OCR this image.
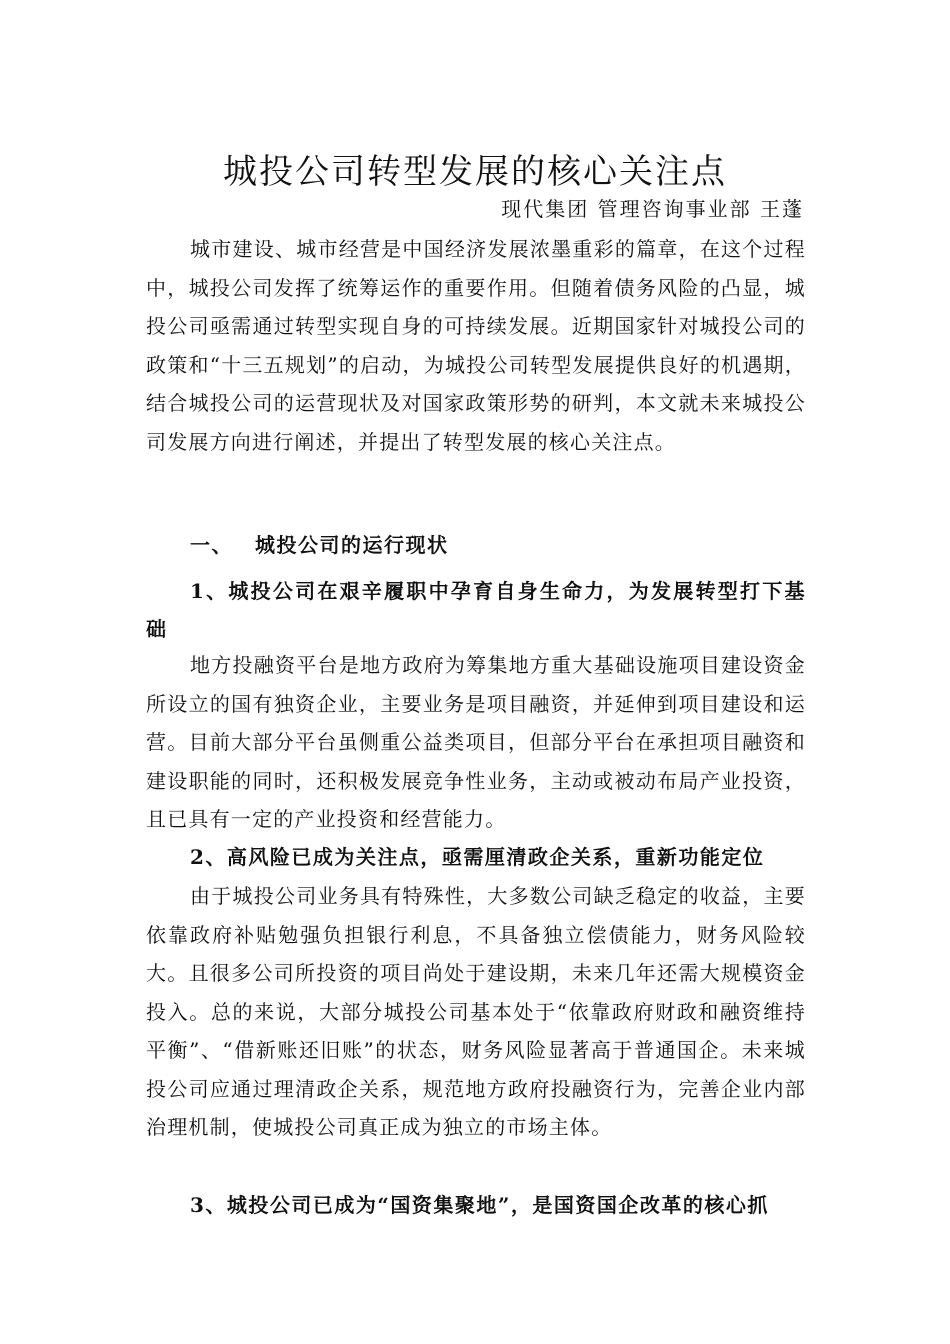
城投公司转型发展的核心关注点
现代集团 管理咨询事业部 王蓬

城市建设、城市经营是中国经济发展浓墨重彩的篇章，在这个过程中，城投公司发挥了统筹运作的重要作用。但随着债务风险的凸显，城投公司亟需通过转型实现自身的可持续发展。近期国家针对城投公司的政策和“十三五规划”的启动，为城投公司转型发展提供良好的机遇期，结合城投公司的运营现状及对国家政策形势的研判，本文就未来城投公司发展方向进行阐述，并提出了转型发展的核心关注点。

一、 城投公司的运行现状

1、城投公司在艰辛履职中孕育自身生命力，为发展转型打下基础

地方投融资平台是地方政府为筹集地方重大基础设施项目建设资金所设立的国有独资企业，主要业务是项目融资，并延伸到项目建设和运营。目前大部分平台虽侧重公益类项目，但部分平台在承担项目融资和建设职能的同时，还积极发展竞争性业务，主动或被动布局产业投资，且已具有一定的产业投资和经营能力。

2、高风险已成为关注点，亟需厘清政企关系，重新功能定位

由于城投公司业务具有特殊性，大多数公司缺乏稳定的收益，主要依靠政府补贴勉强负担银行利息，不具备独立偿债能力，财务风险较大。且很多公司所投资的项目尚处于建设期，未来几年还需大规模资金投入。总的来说，大部分城投公司基本处于“依靠政府财政和融资维持平衡”、“借新账还旧账”的状态，财务风险显著高于普通国企。未来城投公司应通过理清政企关系，规范地方政府投融资行为，完善企业内部治理机制，使城投公司真正成为独立的市场主体。

3、城投公司已成为“国资集聚地”，是国资国企改革的核心抓
